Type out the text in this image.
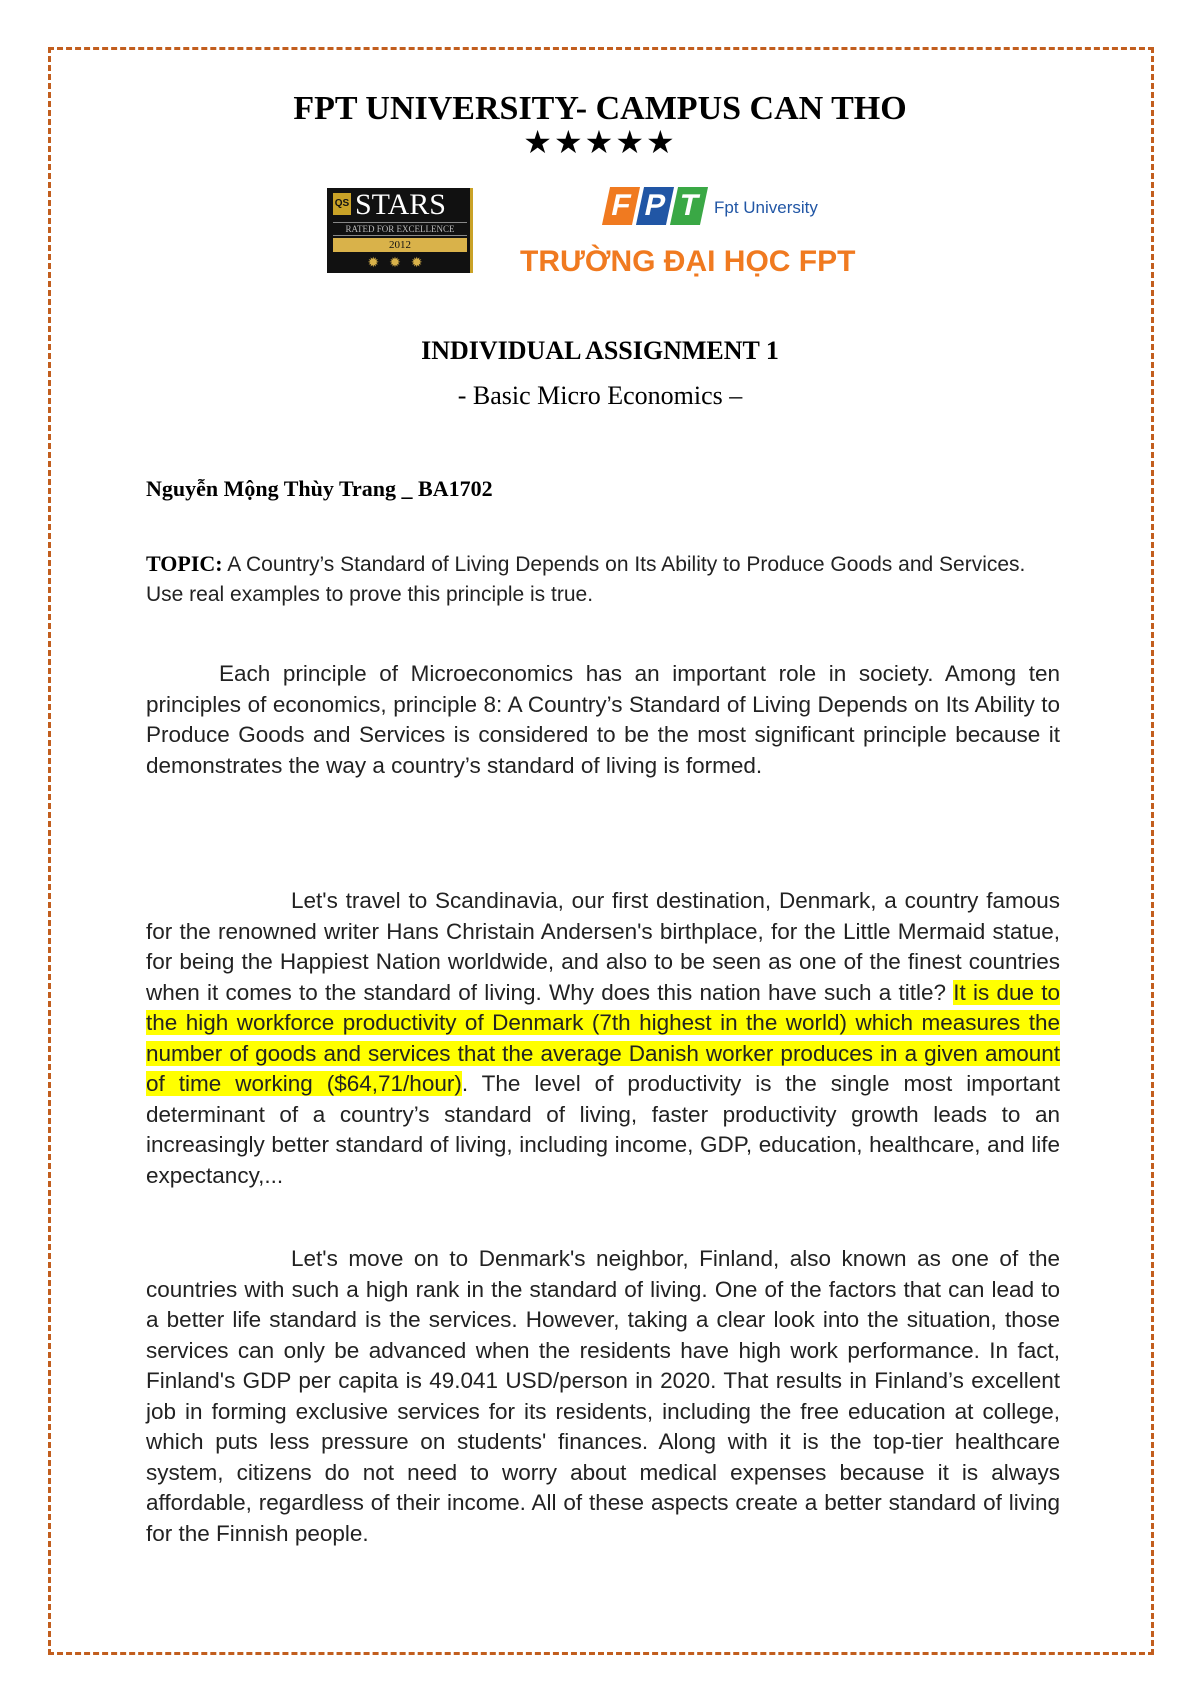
FPT UNIVERSITY- CAMPUS CAN THO
★★★★★
QS STARS
RATED FOR EXCELLENCE
2012
✹✹✹
F P T Fpt University
TRƯỜNG ĐẠI HỌC FPT
INDIVIDUAL ASSIGNMENT 1
- Basic Micro Economics –
Nguyễn Mộng Thùy Trang _ BA1702
TOPIC: A Country’s Standard of Living Depends on Its Ability to Produce Goods and Services. Use real examples to prove this principle is true.

Each principle of Microeconomics has an important role in society. Among ten principles of economics, principle 8: A Country’s Standard of Living Depends on Its Ability to Produce Goods and Services is considered to be the most significant principle because it demonstrates the way a country’s standard of living is formed.

Let's travel to Scandinavia, our first destination, Denmark, a country famous for the renowned writer Hans Christain Andersen's birthplace, for the Little Mermaid statue, for being the Happiest Nation worldwide, and also to be seen as one of the finest countries when it comes to the standard of living. Why does this nation have such a title? It is due to the high workforce productivity of Denmark (7th highest in the world) which measures the number of goods and services that the average Danish worker produces in a given amount of time working ($64,71/hour). The level of productivity is the single most important determinant of a country’s standard of living, faster productivity growth leads to an increasingly better standard of living, including income, GDP, education, healthcare, and life expectancy,...

Let's move on to Denmark's neighbor, Finland, also known as one of the countries with such a high rank in the standard of living. One of the factors that can lead to a better life standard is the services. However, taking a clear look into the situation, those services can only be advanced when the residents have high work performance. In fact, Finland's GDP per capita is 49.041 USD/person in 2020. That results in Finland’s excellent job in forming exclusive services for its residents, including the free education at college, which puts less pressure on students' finances. Along with it is the top-tier healthcare system, citizens do not need to worry about medical expenses because it is always affordable, regardless of their income. All of these aspects create a better standard of living for the Finnish people.
